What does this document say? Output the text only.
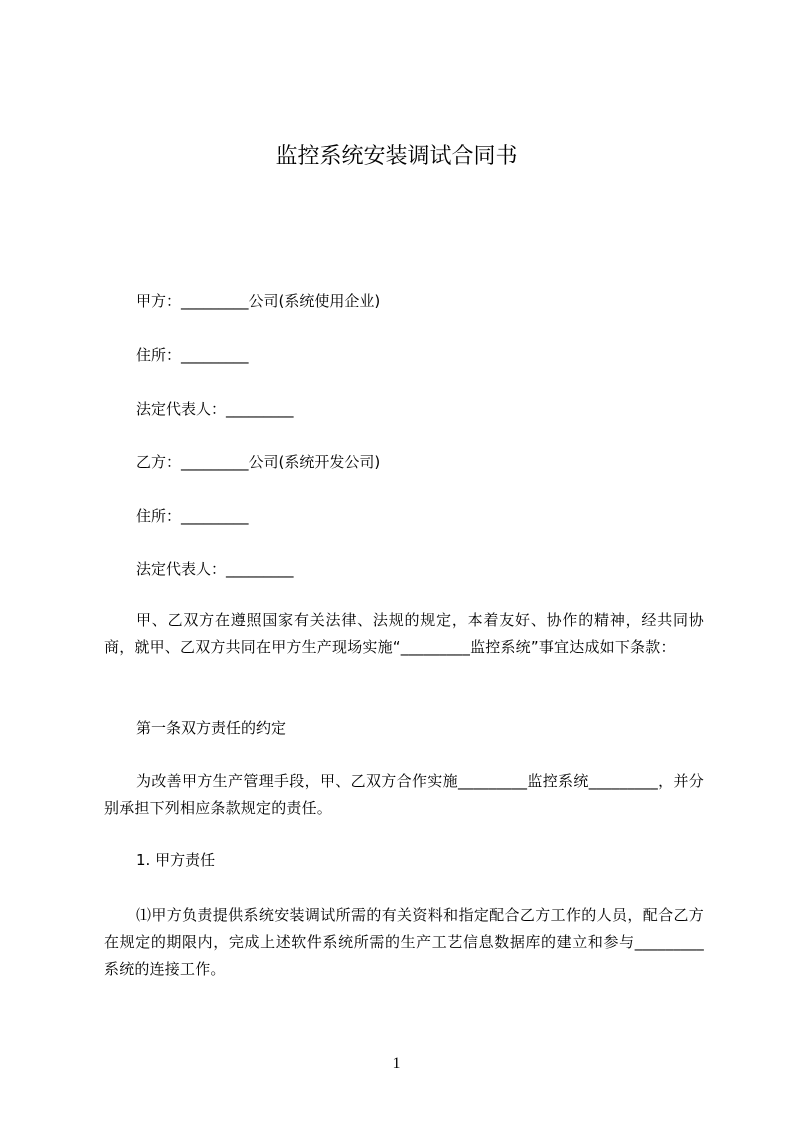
监控系统安装调试合同书
甲方：_________公司(系统使用企业)
住所：_________
法定代表人：_________
乙方：_________公司(系统开发公司)
住所：_________
法定代表人：_________
甲、乙双方在遵照国家有关法律、法规的规定，本着友好、协作的精神，经共同协商，就甲、乙双方共同在甲方生产现场实施“_________监控系统”事宜达成如下条款：
第一条双方责任的约定
为改善甲方生产管理手段，甲、乙双方合作实施_________监控系统_________，并分别承担下列相应条款规定的责任。
1. 甲方责任
⑴甲方负责提供系统安装调试所需的有关资料和指定配合乙方工作的人员，配合乙方在规定的期限内，完成上述软件系统所需的生产工艺信息数据库的建立和参与_________系统的连接工作。
1
